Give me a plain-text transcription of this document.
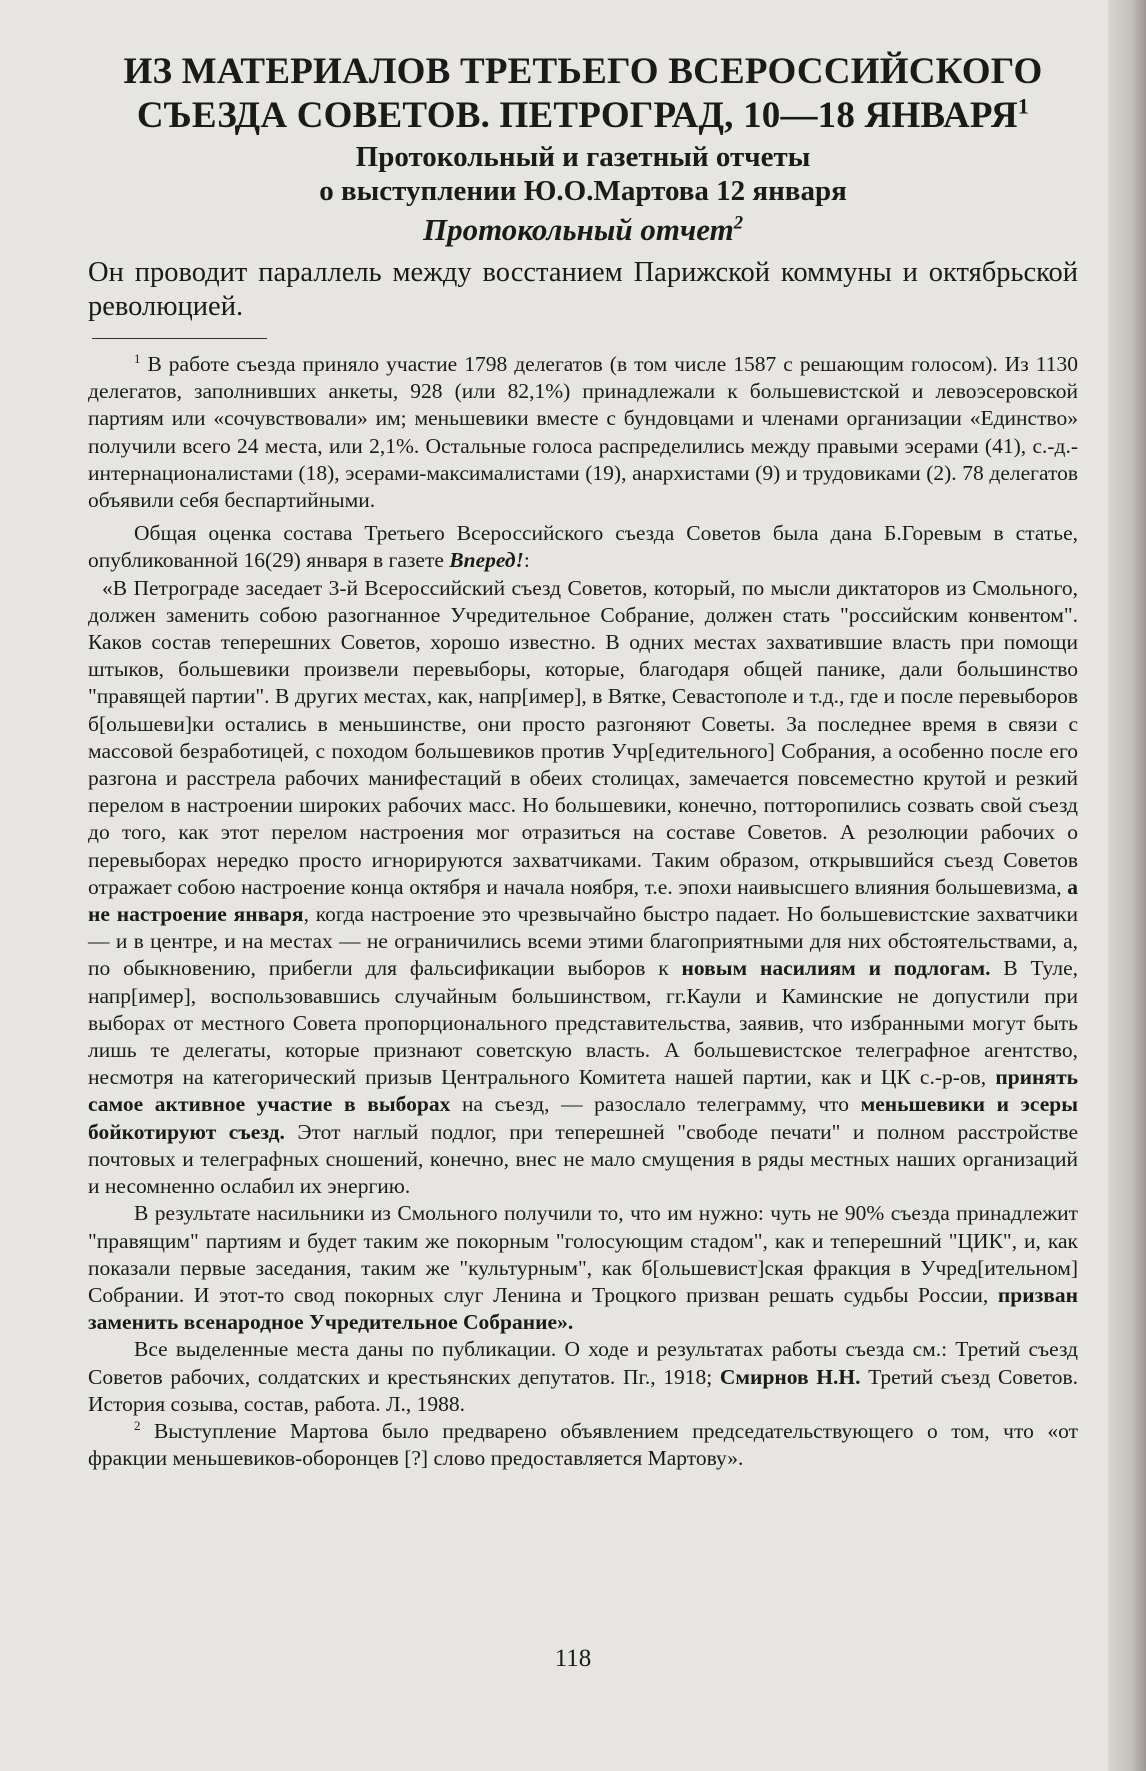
ИЗ МАТЕРИАЛОВ ТРЕТЬЕГО ВСЕРОССИЙСКОГО
СЪЕЗДА СОВЕТОВ. ПЕТРОГРАД, 10—18 ЯНВАРЯ$^1$
Протокольный и газетный отчеты
о выступлении Ю.О.Мартова 12 января
Протокольный отчет$^2$

Он проводит параллель между восстанием Парижской коммуны и октябрьской революцией.

$^1$ В работе съезда приняло участие 1798 делегатов (в том числе 1587 с решающим голосом). Из 1130 делегатов, заполнивших анкеты, 928 (или 82,1%) принадлежали к большевистской и левоэсеровской партиям или «сочувствовали» им; меньшевики вместе с бундовцами и членами организации «Единство» получили всего 24 места, или 2,1%. Остальные голоса распределились между правыми эсерами (41), с.-д.-интернационалистами (18), эсерами-максималистами (19), анархистами (9) и трудовиками (2). 78 делегатов объявили себя беспартийными.

Общая оценка состава Третьего Всероссийского съезда Советов была дана Б.Горевым в статье, опубликованной 16(29) января в газете Вперед!:

«В Петрограде заседает 3-й Всероссийский съезд Советов, который, по мысли диктаторов из Смольного, должен заменить собою разогнанное Учредительное Собрание, должен стать "российским конвентом". Каков состав теперешних Советов, хорошо известно. В одних местах захватившие власть при помощи штыков, большевики произвели перевыборы, которые, благодаря общей панике, дали большинство "правящей партии". В других местах, как, напр[имер], в Вятке, Севастополе и т.д., где и после перевыборов б[ольшеви]ки остались в меньшинстве, они просто разгоняют Советы. За последнее время в связи с массовой безработицей, с походом большевиков против Учр[едительного] Собрания, а особенно после его разгона и расстрела рабочих манифестаций в обеих столицах, замечается повсеместно крутой и резкий перелом в настроении широких рабочих масс. Но большевики, конечно, потторопились созвать свой съезд до того, как этот перелом настроения мог отразиться на составе Советов. А резолюции рабочих о перевыборах нередко просто игнорируются захватчиками. Таким образом, открывшийся съезд Советов отражает собою настроение конца октября и начала ноября, т.е. эпохи наивысшего влияния большевизма, а не настроение января, когда настроение это чрезвычайно быстро падает. Но большевистские захватчики — и в центре, и на местах — не ограничились всеми этими благоприятными для них обстоятельствами, а, по обыкновению, прибегли для фальсификации выборов к новым насилиям и подлогам. В Туле, напр[имер], воспользовавшись случайным большинством, гг.Каули и Каминские не допустили при выборах от местного Совета пропорционального представительства, заявив, что избранными могут быть лишь те делегаты, которые признают советскую власть. А большевистское телеграфное агентство, несмотря на категорический призыв Центрального Комитета нашей партии, как и ЦК с.-р-ов, принять самое активное участие в выборах на съезд, — разослало телеграмму, что меньшевики и эсеры бойкотируют съезд. Этот наглый подлог, при теперешней "свободе печати" и полном расстройстве почтовых и телеграфных сношений, конечно, внес не мало смущения в ряды местных наших организаций и несомненно ослабил их энергию.

В результате насильники из Смольного получили то, что им нужно: чуть не 90% съезда принадлежит "правящим" партиям и будет таким же покорным "голосующим стадом", как и теперешний "ЦИК", и, как показали первые заседания, таким же "культурным", как б[ольшевист]ская фракция в Учред[ительном] Собрании. И этот-то свод покорных слуг Ленина и Троцкого призван решать судьбы России, призван заменить всенародное Учредительное Собрание».

Все выделенные места даны по публикации. О ходе и результатах работы съезда см.: Третий съезд Советов рабочих, солдатских и крестьянских депутатов. Пг., 1918; Смирнов Н.Н. Третий съезд Советов. История созыва, состав, работа. Л., 1988.

$^2$ Выступление Мартова было предварено объявлением председательствующего о том, что «от фракции меньшевиков-оборонцев [?] слово предоставляется Мартову».

118
